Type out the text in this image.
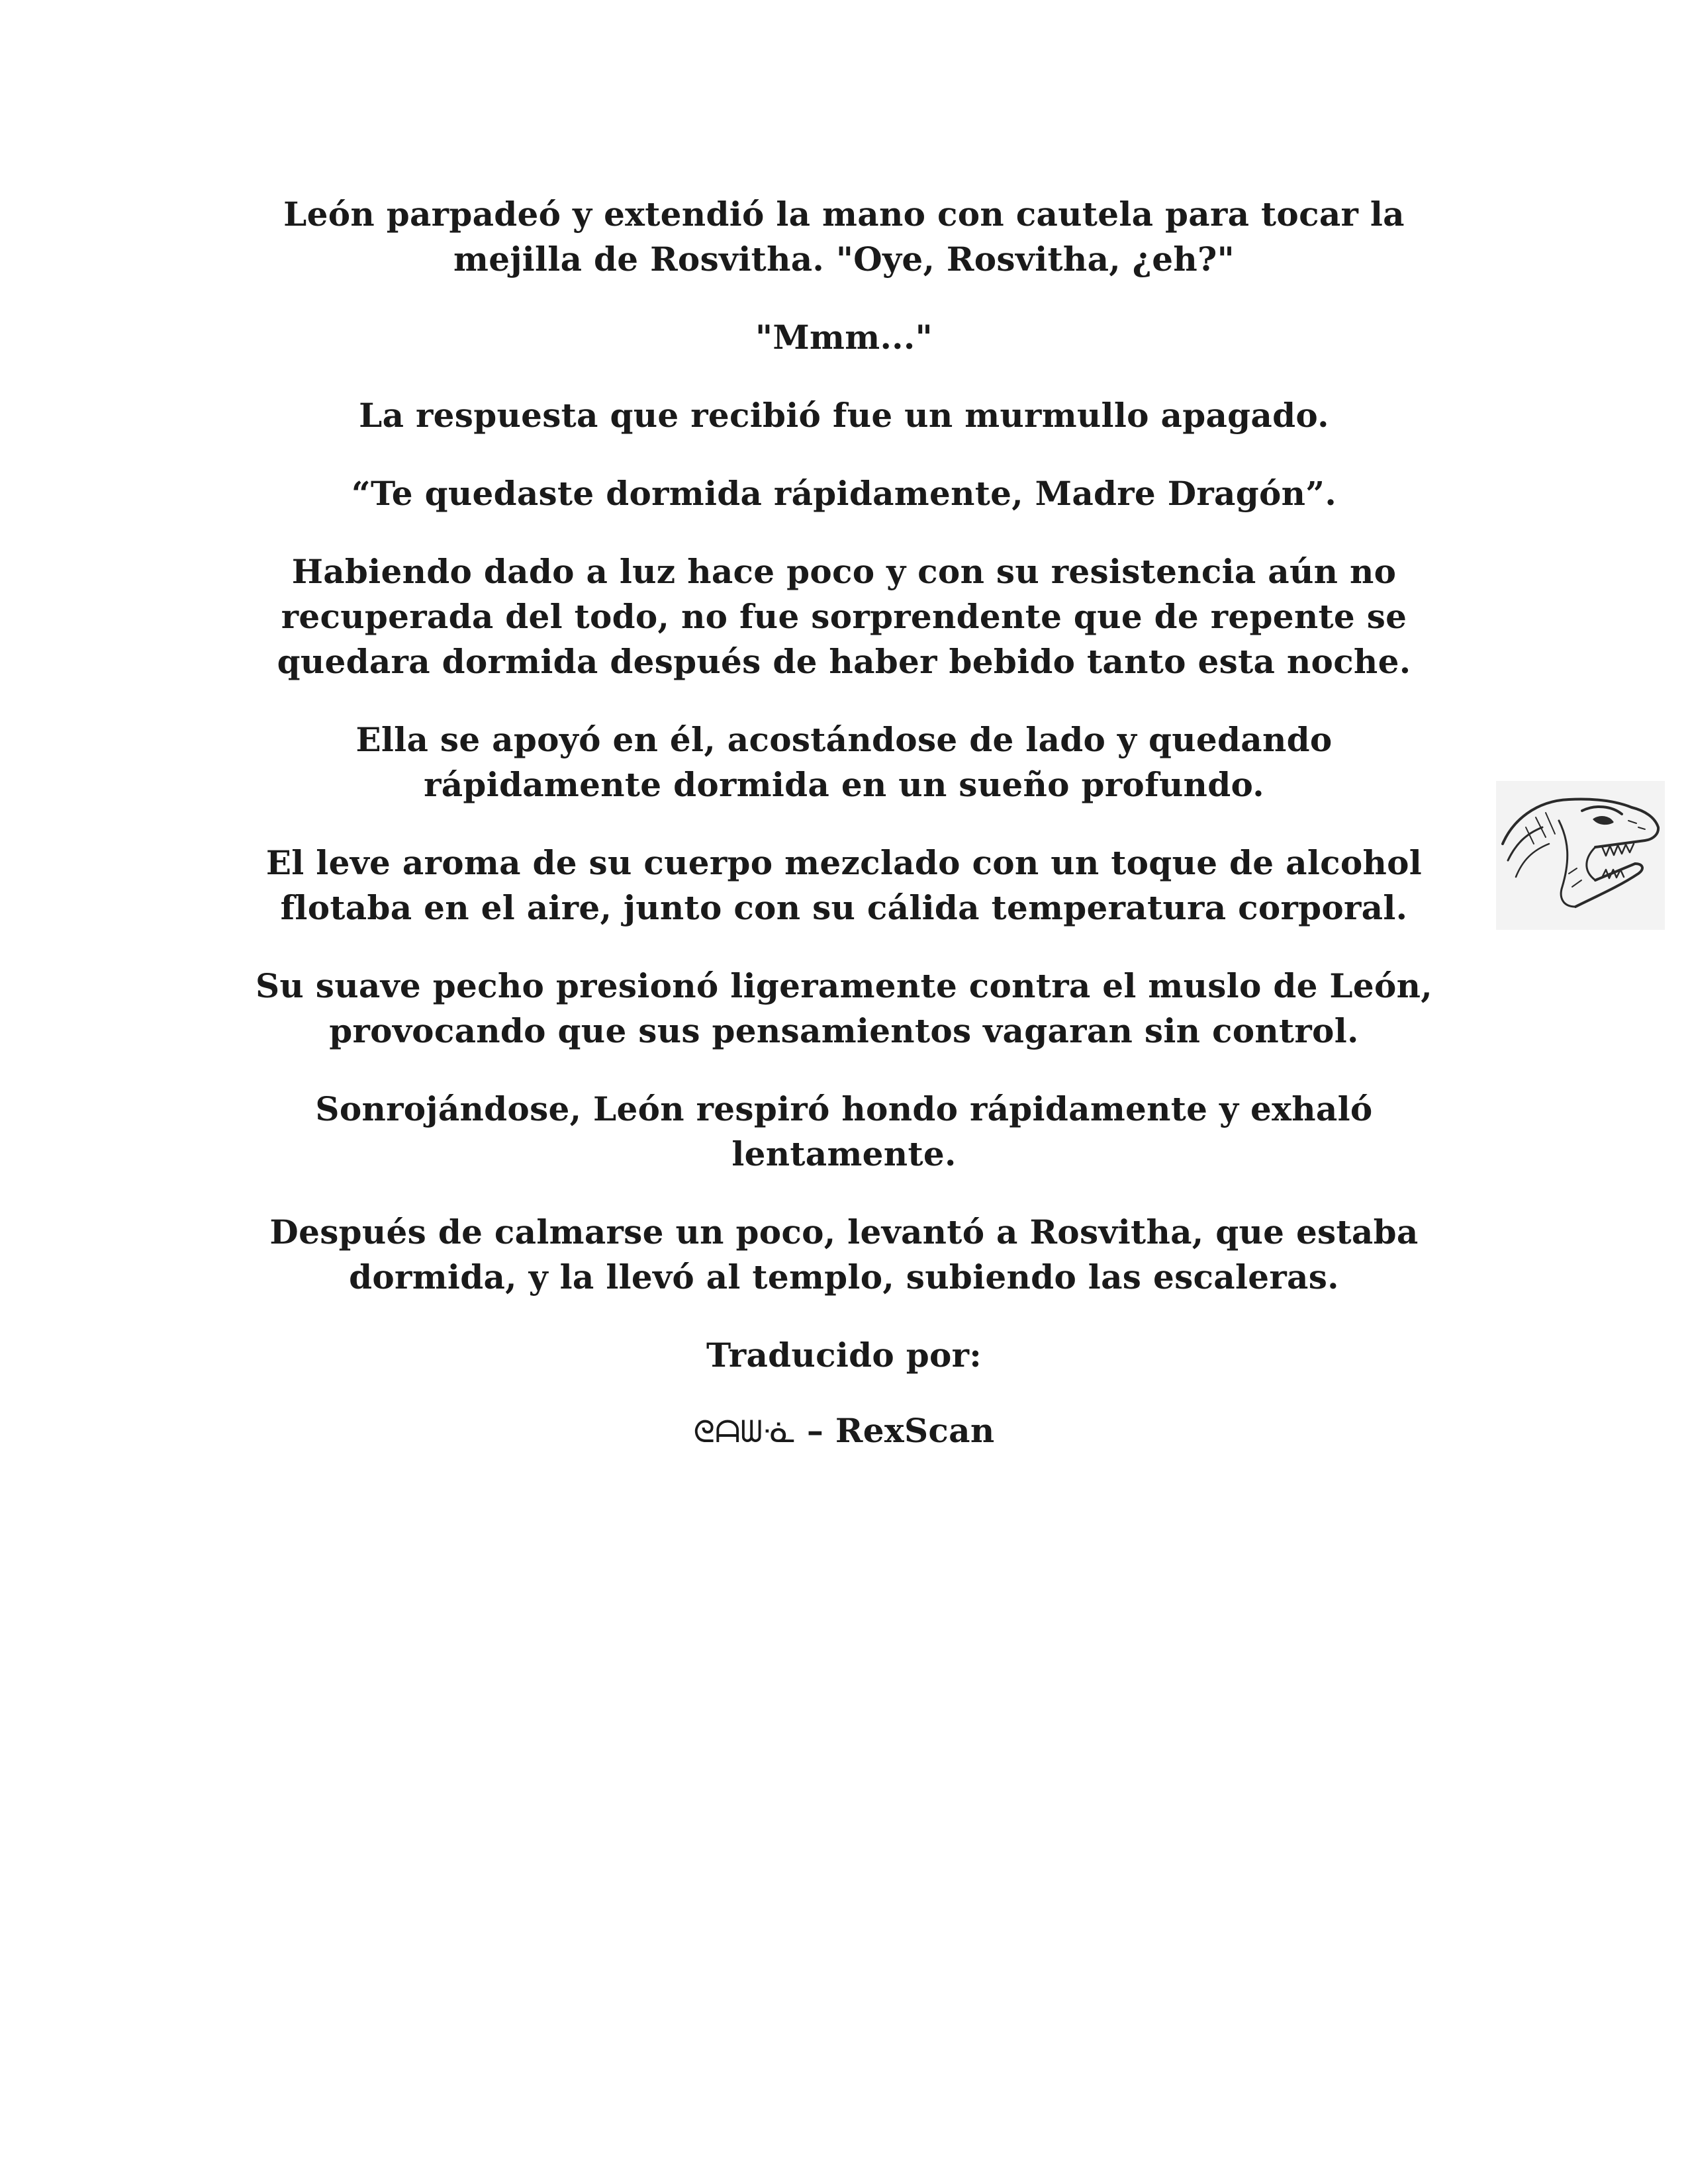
León parpadeó y extendió la mano con cautela para tocar la
mejilla de Rosvitha. "Oye, Rosvitha, ¿eh?"

"Mmm..."

La respuesta que recibió fue un murmullo apagado.

“Te quedaste dormida rápidamente, Madre Dragón”.

Habiendo dado a luz hace poco y con su resistencia aún no
recuperada del todo, no fue sorprendente que de repente se
quedara dormida después de haber bebido tanto esta noche.

Ella se apoyó en él, acostándose de lado y quedando
rápidamente dormida en un sueño profundo.

El leve aroma de su cuerpo mezclado con un toque de alcohol
flotaba en el aire, junto con su cálida temperatura corporal.

Su suave pecho presionó ligeramente contra el muslo de León,
provocando que sus pensamientos vagaran sin control.

Sonrojándose, León respiró hondo rápidamente y exhaló
lentamente.

Después de calmarse un poco, levantó a Rosvitha, que estaba
dormida, y la llevó al templo, subiendo las escaleras.

Traducido por:

ᘓᗩᗯᓍ – RexScan
